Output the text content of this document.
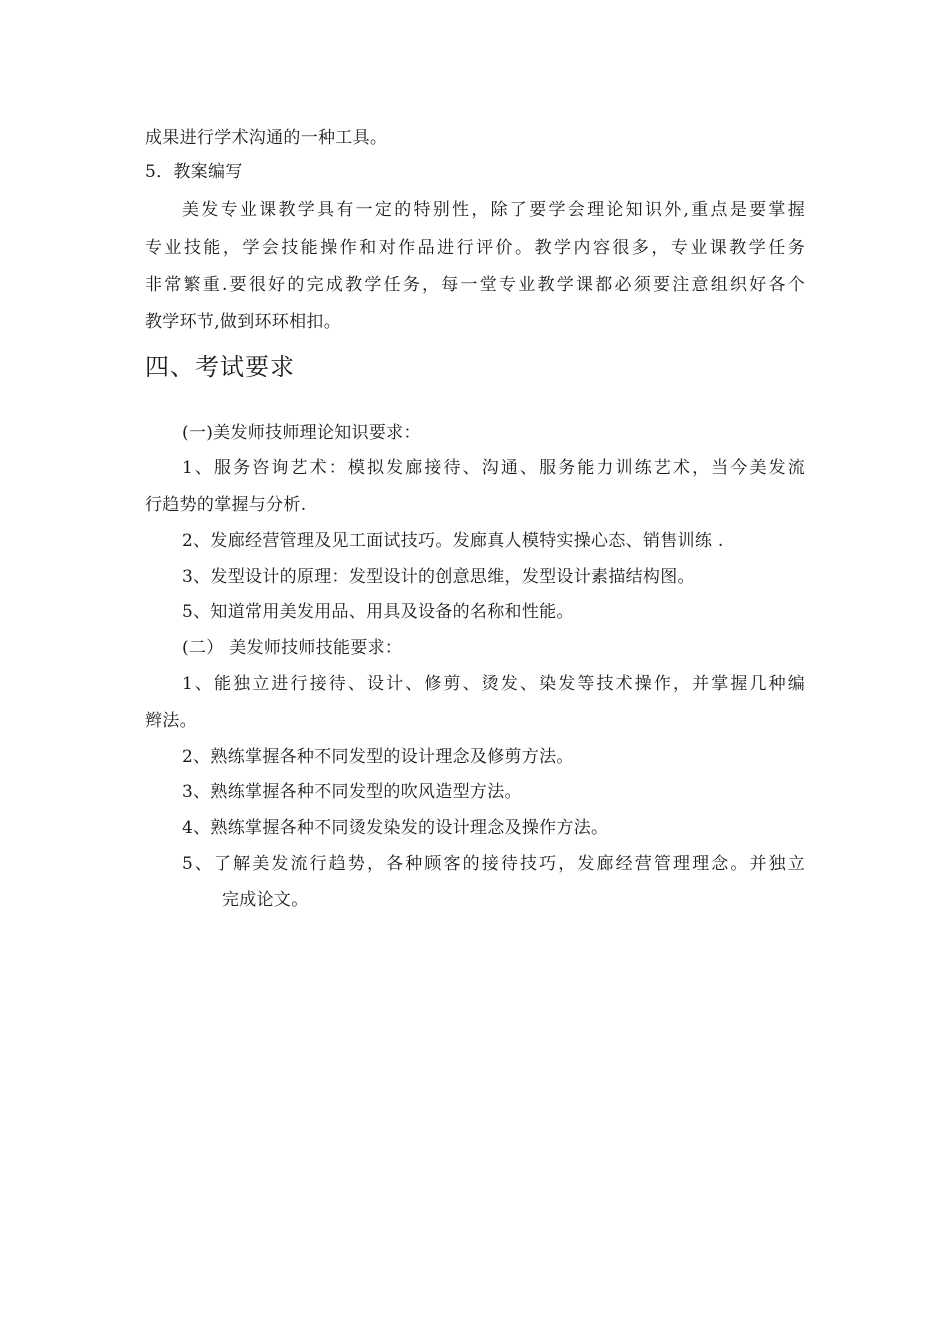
成果进行学术沟通的一种工具。
5．教案编写
美发专业课教学具有一定的特别性，除了要学会理论知识外,重点是要掌握
专业技能，学会技能操作和对作品进行评价。教学内容很多，专业课教学任务
非常繁重.要很好的完成教学任务，每一堂专业教学课都必须要注意组织好各个
教学环节,做到环环相扣。
四、考试要求
(一)美发师技师理论知识要求：
1、服务咨询艺术：模拟发廊接待、沟通、服务能力训练艺术，当今美发流
行趋势的掌握与分析.
2、发廊经营管理及见工面试技巧。发廊真人模特实操心态、销售训练 .
3、发型设计的原理：发型设计的创意思维，发型设计素描结构图。
5、知道常用美发用品、用具及设备的名称和性能。
(二） 美发师技师技能要求：
1、能独立进行接待、设计、修剪、烫发、染发等技术操作，并掌握几种编
辫法。
2、熟练掌握各种不同发型的设计理念及修剪方法。
3、熟练掌握各种不同发型的吹风造型方法。
4、熟练掌握各种不同烫发染发的设计理念及操作方法。
5、了解美发流行趋势，各种顾客的接待技巧，发廊经营管理理念。并独立
完成论文。
